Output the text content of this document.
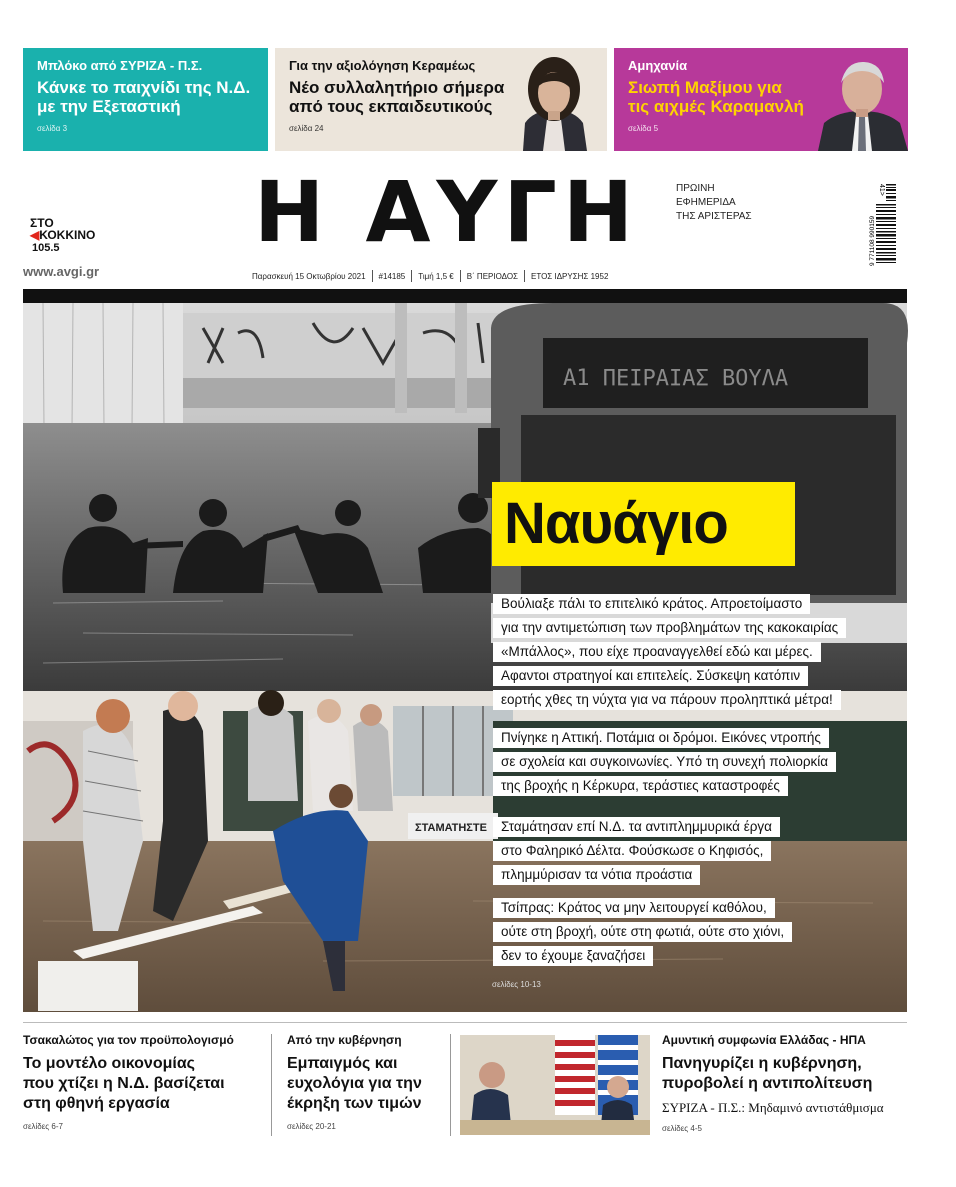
Μπλόκο από ΣΥΡΙΖΑ - Π.Σ.
Κάνκε το παιχνίδι της Ν.Δ.
με την Εξεταστική
σελίδα 3
Για την αξιολόγηση Κεραμέως
Νέο συλλαλητήριο σήμερα
από τους εκπαιδευτικούς
σελίδα 24
Αμηχανία
Σιωπή Μαξίμου για
τις αιχμές Καραμανλή
σελίδα 5
ΣΤΟ
◀ΚΟΚΚΙΝΟ
105.5	Η ΑΥΓΗ	ΠΡΩΙΝΗ
ΕΦΗΜΕΡΙΔΑ
ΤΗΣ ΑΡΙΣΤΕΡΑΣ
41>
9 771108 990159
www.avgi.gr	Παρασκευή 15 Οκτωβρίου 2021 #14185 Τιμή 1,5 € Β΄ ΠΕΡΙΟΔΟΣ ΕΤΟΣ ΙΔΡΥΣΗΣ 1952
A1 ΠΕΙΡΑΙΑΣ ΒΟΥΛΑ
ΣΤΑΜΑΤΗΣΤΕ
Ναυάγιο
Βούλιαξε πάλι το επιτελικό κράτος. Απροετοίμαστο
για την αντιμετώπιση των προβλημάτων της κακοκαιρίας
«Μπάλλος», που είχε προαναγγελθεί εδώ και μέρες.
Αφαντοι στρατηγοί και επιτελείς. Σύσκεψη κατόπιν
εορτής χθες τη νύχτα για να πάρουν προληπτικά μέτρα!
Πνίγηκε η Αττική. Ποτάμια οι δρόμοι. Εικόνες ντροπής
σε σχολεία και συγκοινωνίες. Υπό τη συνεχή πολιορκία
της βροχής η Κέρκυρα, τεράστιες καταστροφές
Σταμάτησαν επί Ν.Δ. τα αντιπλημμυρικά έργα
στο Φαληρικό Δέλτα. Φούσκωσε ο Κηφισός,
πλημμύρισαν τα νότια προάστια
Τσίπρας: Κράτος να μην λειτουργεί καθόλου,
ούτε στη βροχή, ούτε στη φωτιά, ούτε στο χιόνι,
δεν το έχουμε ξαναζήσει
σελίδες 10-13
Τσακαλώτος για τον προϋπολογισμό
Το μοντέλο οικονομίας
που χτίζει η Ν.Δ. βασίζεται
στη φθηνή εργασία
σελίδες 6-7
Από την κυβέρνηση
Εμπαιγμός και
ευχολόγια για την
έκρηξη των τιμών
σελίδες 20-21
Αμυντική συμφωνία Ελλάδας - ΗΠΑ
Πανηγυρίζει η κυβέρνηση,
πυροβολεί η αντιπολίτευση
ΣΥΡΙΖΑ - Π.Σ.: Μηδαμινό αντιστάθμισμα
σελίδες 4-5
